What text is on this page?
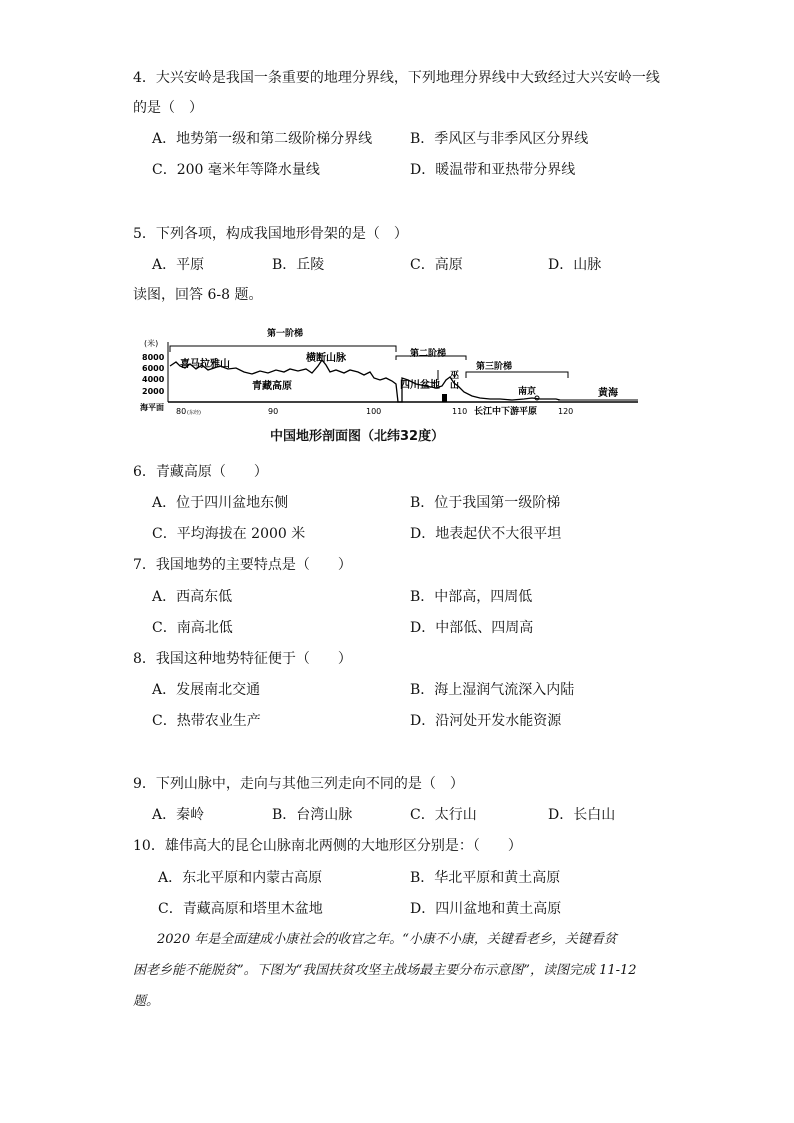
4．大兴安岭是我国一条重要的地理分界线，下列地理分界线中大致经过大兴安岭一线
的是（　）
A．地势第一级和第二级阶梯分界线	B．季风区与非季风区分界线
C．200 毫米年等降水量线	D．暖温带和亚热带分界线
5．下列各项，构成我国地形骨架的是（　）
A．平原	B．丘陵	C．高原	D．山脉
读图，回答 6-8 题。
(米)
8000
6000
4000
2000
海平面 80 (东经)	90	100	110	120
第一阶梯
第二阶梯
第三阶梯
喜马拉雅山
青藏高原
横断山脉
四川盆地
巫
山
南京
长江中下游平原
黄海
中国地形剖面图（北纬32度）
6．青藏高原（　　）
A．位于四川盆地东侧	B．位于我国第一级阶梯
C．平均海拔在 2000 米	D．地表起伏不大很平坦
7．我国地势的主要特点是（　　）
A．西高东低	B．中部高，四周低
C．南高北低	D．中部低、四周高
8．我国这种地势特征便于（　　）
A．发展南北交通	B．海上湿润气流深入内陆
C．热带农业生产	D．沿河处开发水能资源
9．下列山脉中，走向与其他三列走向不同的是（　）
A．秦岭	B．台湾山脉	C．太行山	D．长白山
10．雄伟高大的昆仑山脉南北两侧的大地形区分别是：（　　）
A．东北平原和内蒙古高原	B．华北平原和黄土高原
C．青藏高原和塔里木盆地	D．四川盆地和黄土高原
2020 年是全面建成小康社会的收官之年。“小康不小康，关键看老乡，关键看贫
困老乡能不能脱贫”。下图为“我国扶贫攻坚主战场最主要分布示意图”，读图完成 11-12
题。
